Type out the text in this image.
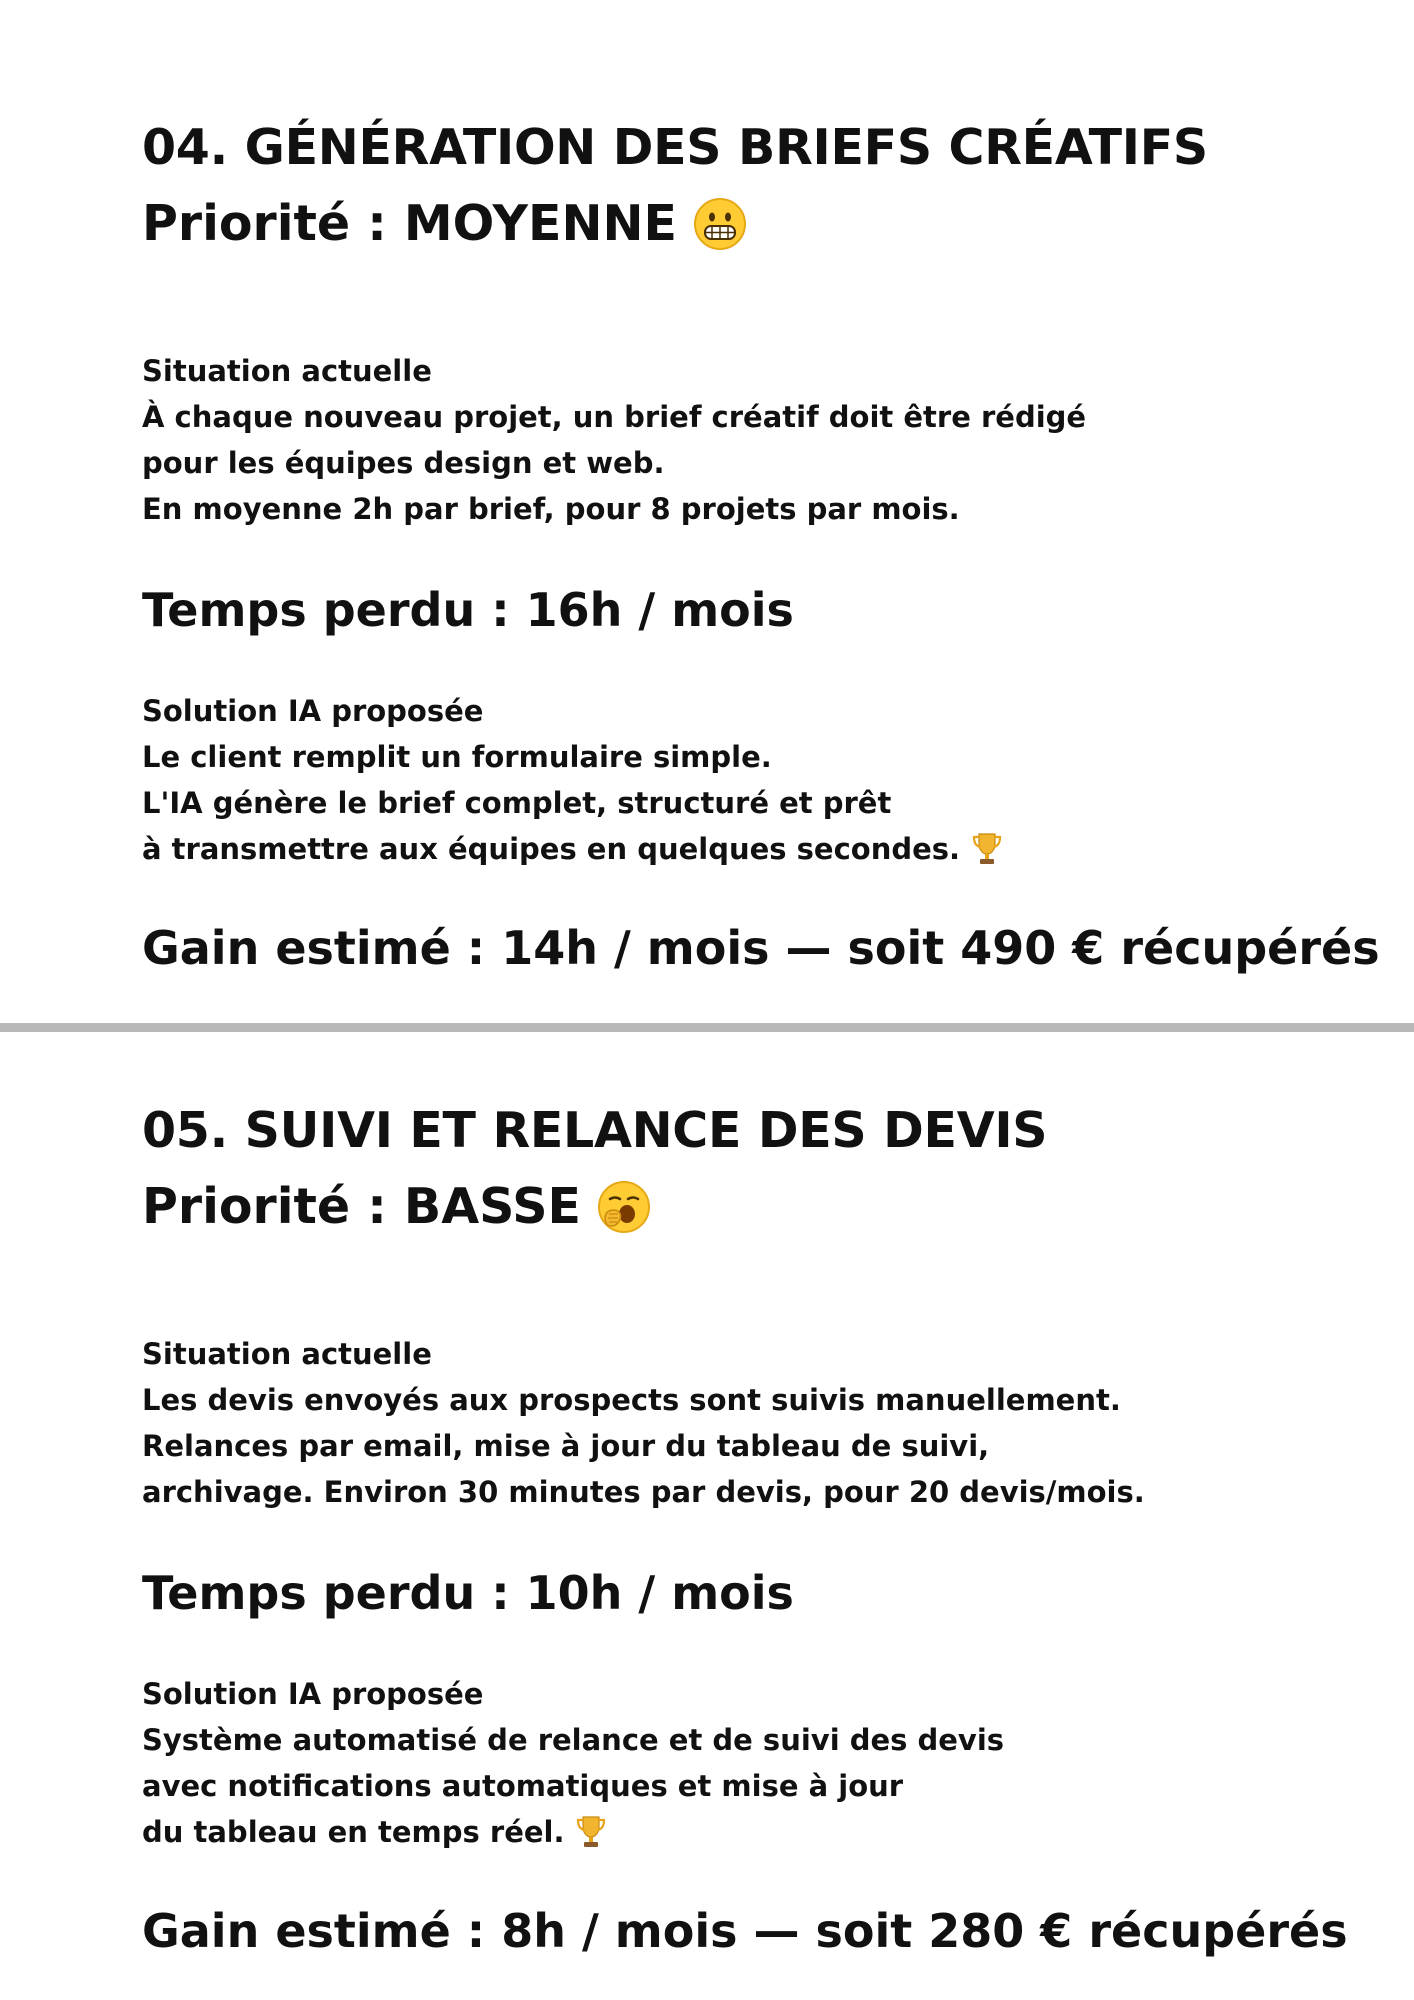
04. GÉNÉRATION DES BRIEFS CRÉATIFS
Priorité : MOYENNE

Situation actuelle

À chaque nouveau projet, un brief créatif doit être rédigé

pour les équipes design et web.

En moyenne 2h par brief, pour 8 projets par mois.

Temps perdu : 16h / mois

Solution IA proposée

Le client remplit un formulaire simple.

L'IA génère le brief complet, structuré et prêt

à transmettre aux équipes en quelques secondes.

Gain estimé : 14h / mois — soit 490 € récupérés

05. SUIVI ET RELANCE DES DEVIS
Priorité : BASSE

Situation actuelle

Les devis envoyés aux prospects sont suivis manuellement.

Relances par email, mise à jour du tableau de suivi,

archivage. Environ 30 minutes par devis, pour 20 devis/mois.

Temps perdu : 10h / mois

Solution IA proposée

Système automatisé de relance et de suivi des devis

avec notifications automatiques et mise à jour

du tableau en temps réel.

Gain estimé : 8h / mois — soit 280 € récupérés
